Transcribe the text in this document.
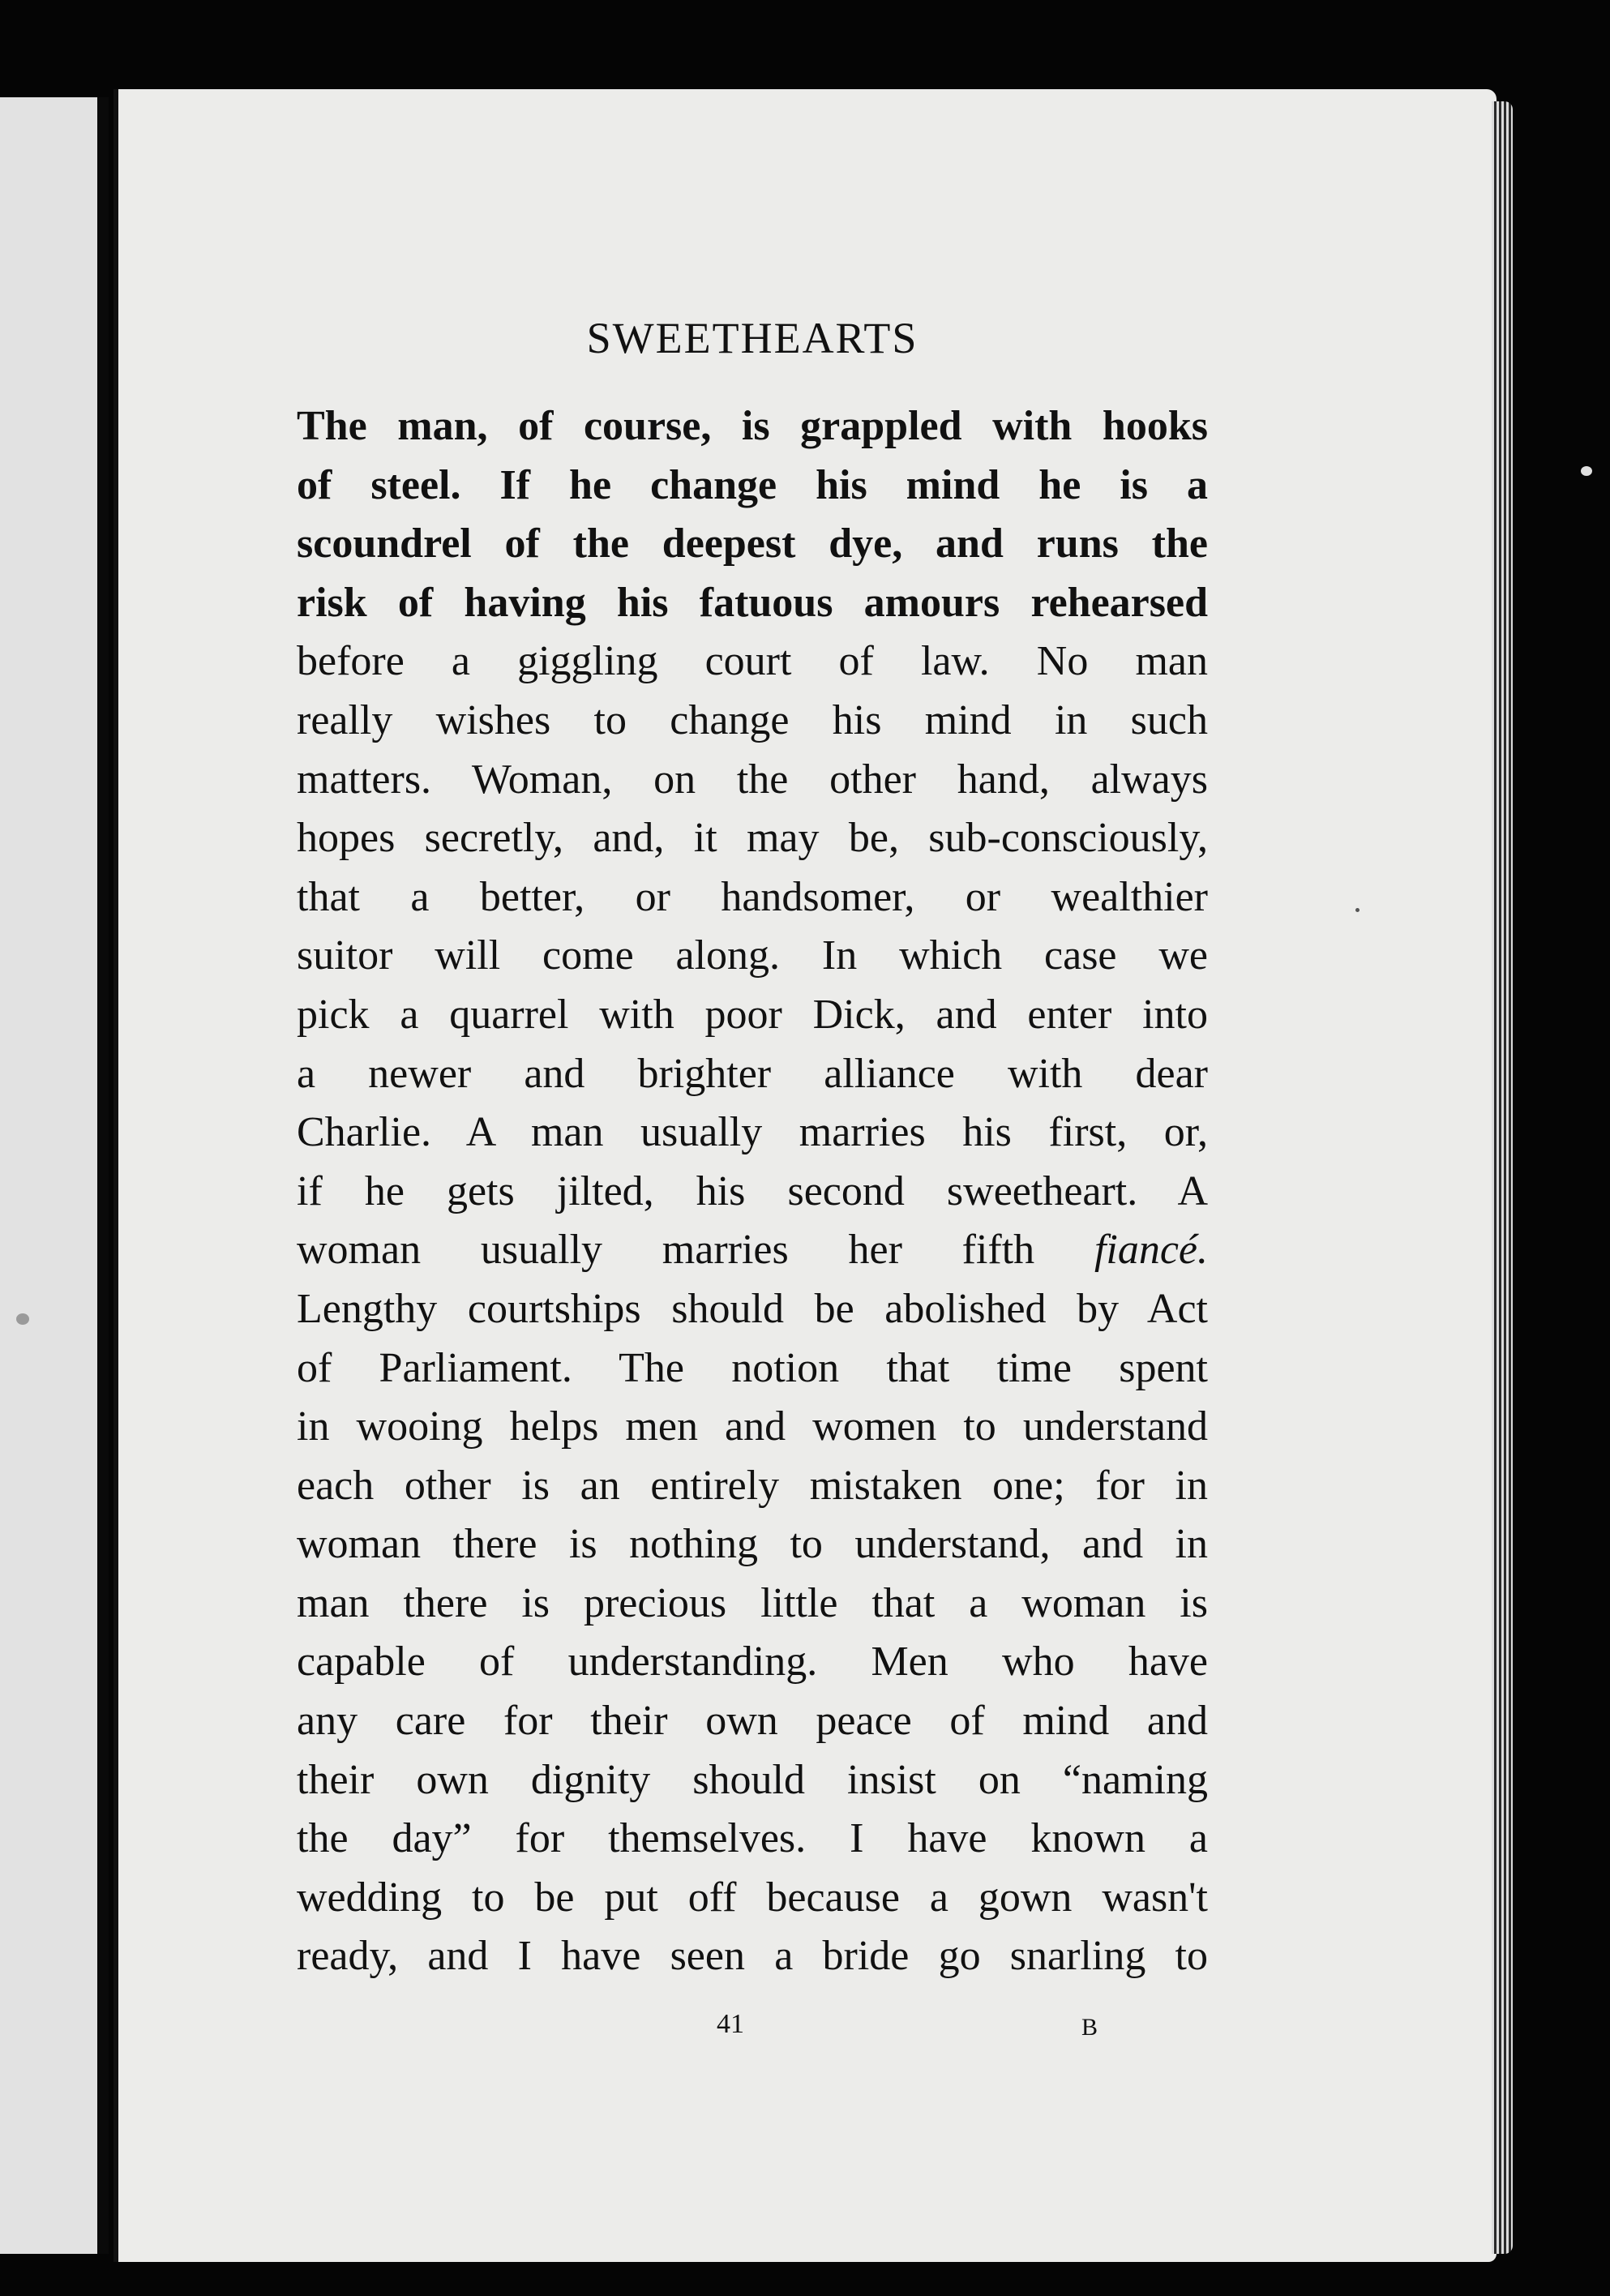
SWEETHEARTS
The man, of course, is grappled with hooks
of steel. If he change his mind he is a
scoundrel of the deepest dye, and runs the
risk of having his fatuous amours rehearsed
before a giggling court of law. No man
really wishes to change his mind in such
matters. Woman, on the other hand, always
hopes secretly, and, it may be, sub-consciously,
that a better, or handsomer, or wealthier
suitor will come along. In which case we
pick a quarrel with poor Dick, and enter into
a newer and brighter alliance with dear
Charlie. A man usually marries his first, or,
if he gets jilted, his second sweetheart. A
woman usually marries her fifth fiancé.
Lengthy courtships should be abolished by Act
of Parliament. The notion that time spent
in wooing helps men and women to understand
each other is an entirely mistaken one; for in
woman there is nothing to understand, and in
man there is precious little that a woman is
capable of understanding. Men who have
any care for their own peace of mind and
their own dignity should insist on “naming
the day” for themselves. I have known a
wedding to be put off because a gown wasn't
ready, and I have seen a bride go snarling to
41	B
